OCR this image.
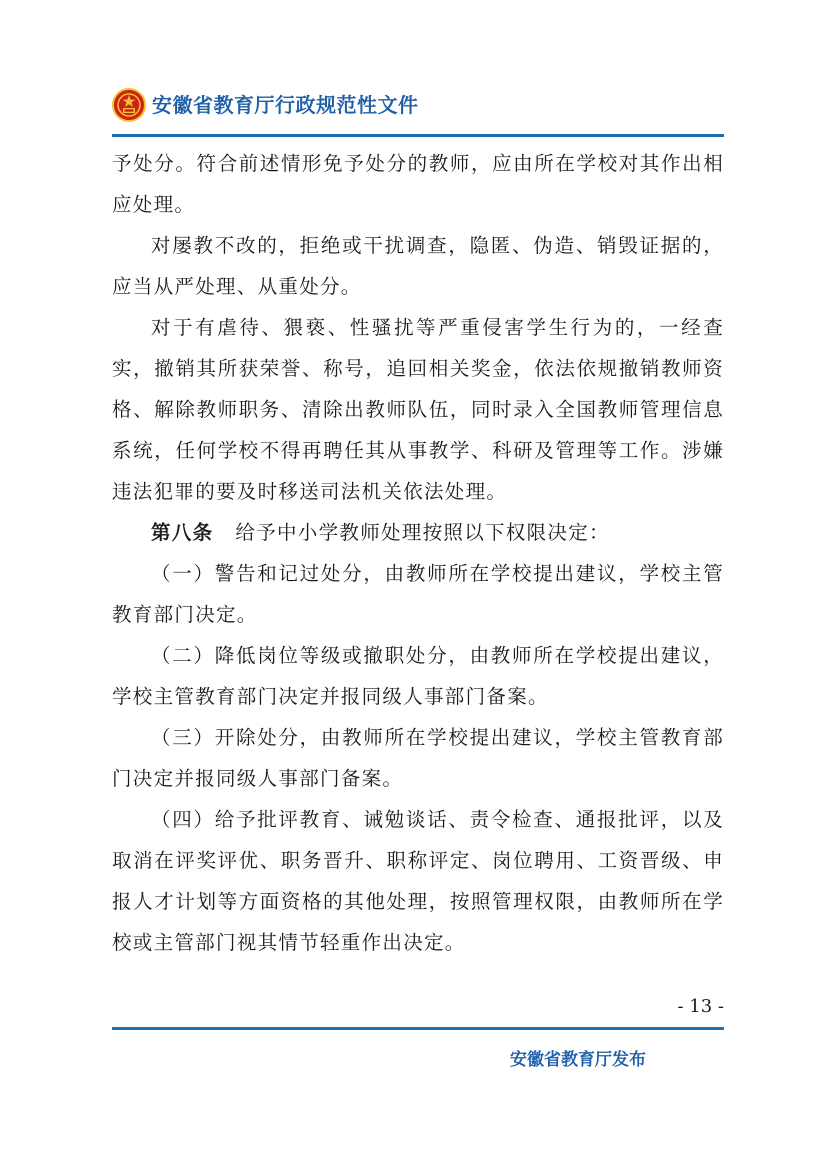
安徽省教育厅行政规范性文件

予处分。符合前述情形免予处分的教师，应由所在学校对其作出相应处理。

对屡教不改的，拒绝或干扰调查，隐匿、伪造、销毁证据的，应当从严处理、从重处分。

对于有虐待、猥亵、性骚扰等严重侵害学生行为的，一经查实，撤销其所获荣誉、称号，追回相关奖金，依法依规撤销教师资格、解除教师职务、清除出教师队伍，同时录入全国教师管理信息系统，任何学校不得再聘任其从事教学、科研及管理等工作。涉嫌违法犯罪的要及时移送司法机关依法处理。

第八条 给予中小学教师处理按照以下权限决定：

（一）警告和记过处分，由教师所在学校提出建议，学校主管教育部门决定。

（二）降低岗位等级或撤职处分，由教师所在学校提出建议，学校主管教育部门决定并报同级人事部门备案。

（三）开除处分，由教师所在学校提出建议，学校主管教育部门决定并报同级人事部门备案。

（四）给予批评教育、诫勉谈话、责令检查、通报批评，以及取消在评奖评优、职务晋升、职称评定、岗位聘用、工资晋级、申报人才计划等方面资格的其他处理，按照管理权限，由教师所在学校或主管部门视其情节轻重作出决定。

- 13 -
安徽省教育厅发布
